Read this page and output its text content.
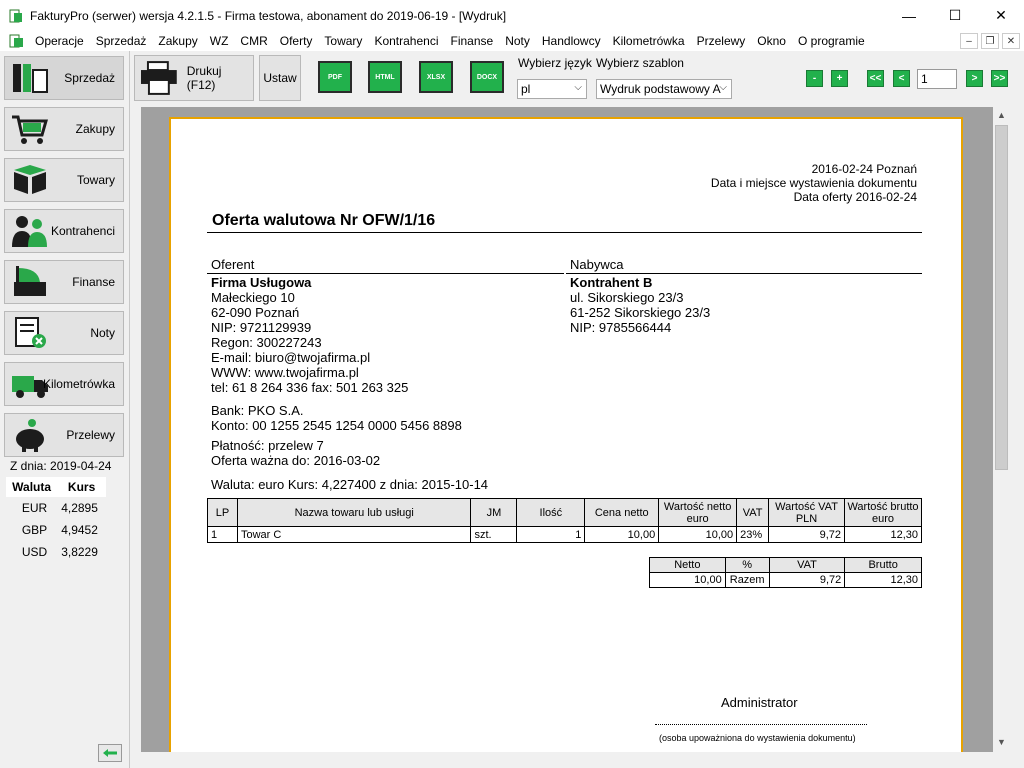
FakturyPro (serwer) wersja 4.2.1.5 - Firma testowa, abonament do 2019-06-19 - [Wydruk]	—	☐	✕
Operacje	Sprzedaż	Zakupy	WZ	CMR	Oferty	Towary	Kontrahenci	Finanse	Noty	Handlowcy	Kilometrówka	Przelewy	Okno	O programie	–	❐	✕
Sprzedaż
Zakupy
Towary
Kontrahenci
Finanse
Noty
Kilometrówka
Przelewy
Z dnia: 2019-04-24
Waluta	Kurs
EUR	4,2895
GBP	4,9452
USD	3,8229
Drukuj (F12)	Ustaw	PDF	HTML	XLSX	DOCX
Wybierz język
pl	⌵
Wybierz szablon
Wydruk podstawowy A
⌵
-	+	<<	<	1	>	>>
2016-02-24 Poznań
Data i miejsce wystawienia dokumentu
Data oferty 2016-02-24
Oferta walutowa Nr OFW/1/16
Oferent	Nabywca
Firma Usługowa
Małeckiego 10
62-090 Poznań
NIP: 9721129939
Regon: 300227243
E-mail: biuro@twojafirma.pl
WWW: www.twojafirma.pl
tel: 61 8 264 336 fax: 501 263 325
Kontrahent B
ul. Sikorskiego 23/3
61-252 Sikorskiego 23/3
NIP: 9785566444
Bank: PKO S.A.
Konto: 00 1255 2545 1254 0000 5456 8898
Płatność: przelew 7
Oferta ważna do: 2016-03-02
Waluta: euro Kurs: 4,227400 z dnia: 2015-10-14
LP	Nazwa towaru lub usługi	JM	Ilość	Cena netto	Wartość netto euro	VAT	Wartość VAT PLN	Wartość brutto euro
1	Towar C	szt.	1	10,00	10,00	23%	9,72	12,30
Netto	%	VAT	Brutto
10,00	Razem	9,72	12,30
Administrator
(osoba upoważniona do wystawienia dokumentu)
▲
▼
